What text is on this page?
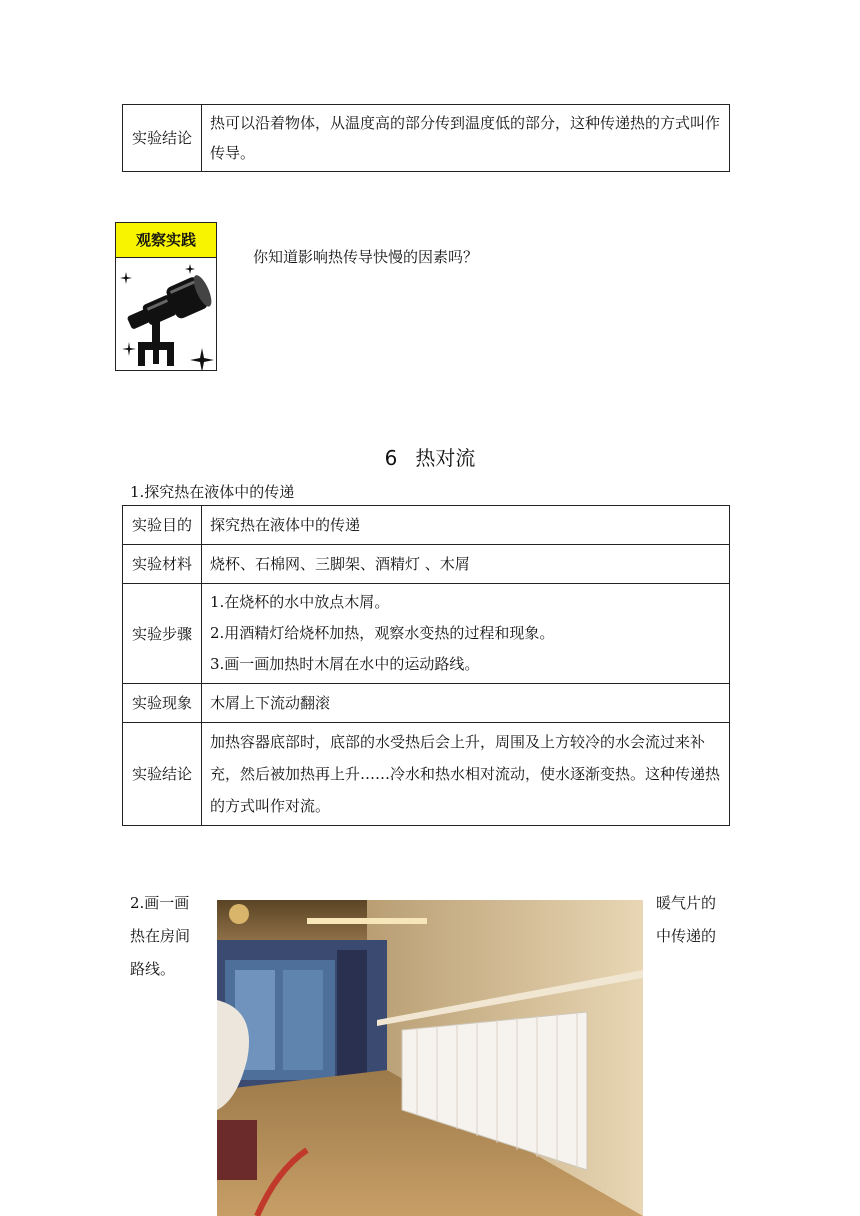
实验结论	热可以沿着物体，从温度高的部分传到温度低的部分，这种传递热的方式叫作传导。
观察实践
你知道影响热传导快慢的因素吗？
6 热对流
1.探究热在液体中的传递
实验目的	探究热在液体中的传递
实验材料	烧杯、石棉网、三脚架、酒精灯 、木屑
实验步骤	1.在烧杯的水中放点木屑。
2.用酒精灯给烧杯加热，观察水变热的过程和现象。
3.画一画加热时木屑在水中的运动路线。

实验现象	木屑上下流动翻滚
实验结论	加热容器底部时，底部的水受热后会上升，周围及上方较冷的水会流过来补充，然后被加热再上升……冷水和热水相对流动，使水逐渐变热。这种传递热的方式叫作对流。
2.画一画
热在房间
路线。
暖气片的
中传递的
